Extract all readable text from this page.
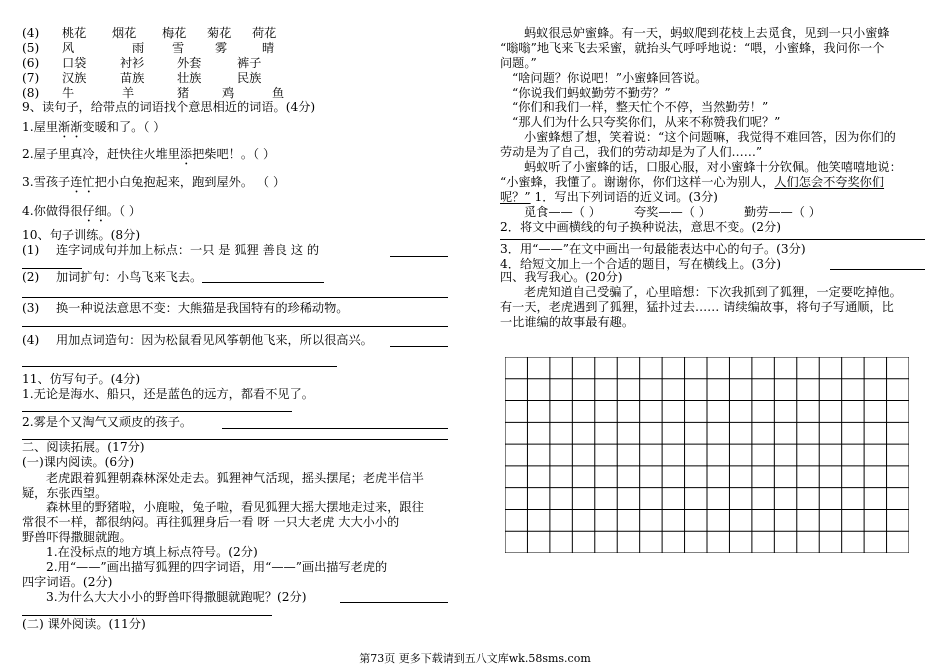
(4) 桃花 烟花 梅花 菊花 荷花
(5) 风	雨 雪	雾	晴
(6) 口袋	衬衫	外套	裤子
(7) 汉族	苗族	壮族	民族
(8) 牛	羊	猪	鸡	鱼
9、读句子，给带点的词语找个意思相近的词语。(4分)
1.屋里渐渐变暖和了。（ ）
2.屋子里真冷，赶快往火堆里添把柴吧！。（ ）
3.雪孩子连忙把小白兔抱起来，跑到屋外。 （ ）
4.你做得很仔细。（ ）
10、句子训练。(8分)
(1) 连字词成句并加上标点：一只 是 狐狸 善良 这 的
(2) 加词扩句：小鸟飞来飞去。
(3) 换一种说法意思不变：大熊猫是我国特有的珍稀动物。
(4) 用加点词造句：因为松鼠看见风筝朝他飞来，所以很高兴。
11、仿写句子。(4分)
1.无论是海水、船只，还是蓝色的远方，都看不见了。
2.雾是个又淘气又顽皮的孩子。
二、阅读拓展。(17分)
(一)课内阅读。(6分)
老虎跟着狐狸朝森林深处走去。狐狸神气活现，摇头摆尾；老虎半信半
疑，东张西望。
森林里的野猪啦，小鹿啦，兔子啦，看见狐狸大摇大摆地走过来，跟往
常很不一样，都很纳闷。再往狐狸身后一看 呀 一只大老虎 大大小小的
野兽吓得撒腿就跑。
1.在没标点的地方填上标点符号。(2分)
2.用“——”画出描写狐狸的四字词语，用“——”画出描写老虎的
四字词语。(2分)
3.为什么大大小小的野兽吓得撒腿就跑呢？(2分)
(二) 课外阅读。(11分)
蚂蚁很忌妒蜜蜂。有一天，蚂蚁爬到花枝上去觅食，见到一只小蜜蜂
“嗡嗡”地飞来飞去采蜜，就抬头气呼呼地说：“喂，小蜜蜂，我问你一个
问题。”
“啥问题？你说吧！”小蜜蜂回答说。
“你说我们蚂蚁勤劳不勤劳？”
“你们和我们一样，整天忙个不停，当然勤劳！”
“那人们为什么只夸奖你们，从来不称赞我们呢？”
小蜜蜂想了想，笑着说：“这个问题嘛，我觉得不难回答，因为你们的
劳动是为了自己，我们的劳动却是为了人们……”
蚂蚁听了小蜜蜂的话，口服心服，对小蜜蜂十分钦佩。他笑嘻嘻地说：
“小蜜蜂，我懂了。谢谢你，你们这样一心为别人，人们怎会不夸奖你们
呢？” 1．写出下列词语的近义词。(3分)
觅食——（ ）	夸奖——（ ）	勤劳——（ ）
2．将文中画横线的句子换种说法，意思不变。(2分)
3．用“——”在文中画出一句最能表达中心的句子。(3分)
4．给短文加上一个合适的题目，写在横线上。(3分)
四、我写我心。(20分)
老虎知道自己受骗了，心里暗想：下次我抓到了狐狸，一定要吃掉他。
有一天，老虎遇到了狐狸，猛扑过去…… 请续编故事，将句子写通顺，比
一比谁编的故事最有趣。
第73页 更多下载请到五八文库wk.58sms.com
